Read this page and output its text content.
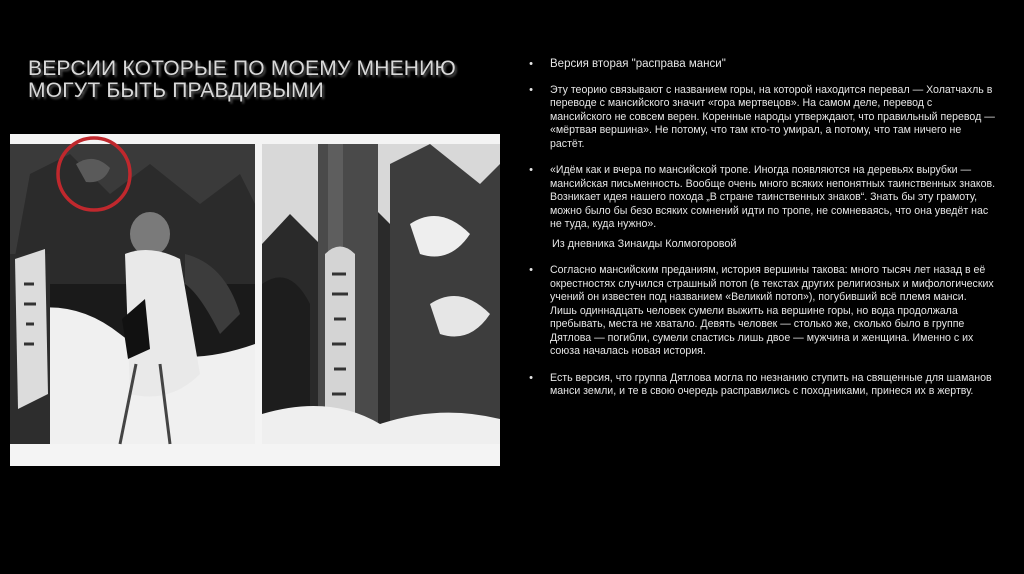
ВЕРСИИ КОТОРЫЕ ПО МОЕМУ МНЕНИЮ МОГУТ БЫТЬ ПРАВДИВЫМИ
• Версия вторая "расправа манси"
• Эту теорию связывают с названием горы, на которой находится перевал — Холатчахль в переводе с мансийского значит «гора мертвецов». На самом деле, перевод с мансийского не совсем верен. Коренные народы утверждают, что правильный перевод — «мёртвая вершина». Не потому, что там кто-то умирал, а потому, что там ничего не растёт.
• «Идём как и вчера по мансийской тропе. Иногда появляются на деревьях вырубки — мансийская письменность. Вообще очень много всяких непонятных таинственных знаков. Возникает идея нашего похода „В стране таинственных знаков“. Знать бы эту грамоту, можно было бы безо всяких сомнений идти по тропе, не сомневаясь, что она уведёт нас не туда, куда нужно».
Из дневника Зинаиды Колмогоровой
• Согласно мансийским преданиям, история вершины такова: много тысяч лет назад в её окрестностях случился страшный потоп (в текстах других религиозных и мифологических учений он известен под названием «Великий потоп»), погубивший всё племя манси. Лишь одиннадцать человек сумели выжить на вершине горы, но вода продолжала пребывать, места не хватало. Девять человек — столько же, сколько было в группе Дятлова — погибли, сумели спастись лишь двое — мужчина и женщина. Именно с их союза началась новая история.
• Есть версия, что группа Дятлова могла по незнанию ступить на священные для шаманов манси земли, и те в свою очередь расправились с походниками, принеся их в жертву.
